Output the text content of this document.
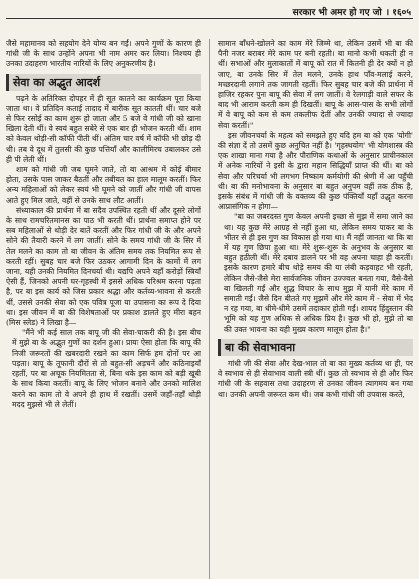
सरकार भी अमर हो गए जो । १६०५

जैसे महामानव को सहयोग देने योग्य बन गईं। अपने गुणों के कारण ही गांधी जी के साथ उन्होंने अपना भी नाम अमर कर लिया। निश्चय ही उनका उदाहरण भारतीय नारियों के लिए अनुकरणीय है।

सेवा का अद्भुत आदर्श

पढ़ने के अतिरिक्त दोपहर में ही सूत कातने का कार्यक्रम पूरा किया जाता था। वे प्रतिदिन कताई तादाद में बारीक सूत कातती थीं। चार बजे से फिर रसोई का काम शुरू हो जाता और 5 बजे वे गांधी जी को खाना खिला देती थीं। वे स्वयं बहुत सबेरे से एक बार ही भोजन करती थीं। शाम को केवल थोड़ी-सी कॉफी पीती थीं। अंतिम चार वर्ष में कॉफी भी छोड़ दी थी। तब वे दूध में तुलसी की कुछ पत्तियाँ और कालीमिरच उबालकर उसे ही पी लेती थीं।

शाम को गांधी जी जब घूमने जाते, तो बा आश्रम में कोई बीमार होता, उसके पास जाकर बैठतीं और तबीयत का हाल मालूम करतीं। फिर अन्य महिलाओं को लेकर स्वयं भी घूमने को जातीं और गांधी जी वापस आते हुए मिल जाते, वहीं से उनके साथ लौट आतीं।

संध्याकाल की प्रार्थना में बा सदैव उपस्थित रहती थीं और दूसरे लोगों के साथ रामचरितमानस का पाठ भी करती थीं। प्रार्थना समाप्त होने पर सब महिलाओं से थोड़ी देर बातें करतीं और फिर गांधी जी के और अपने सोने की तैयारी करने में लग जातीं। सोने के समय गांधी जी के सिर में तेल मलने का काम तो बा जीवन के अंतिम समय तक नियमित रूप से करती रहीं। सुबह चार बजे फिर उठकर आगामी दिन के कामों में लग जाना, यही उनकी नियमित दिनचर्या थी। यद्यपि अपने यहाँ करोड़ों स्त्रियाँ ऐसी हैं, जिनको अपनी घर-गृहस्थी में इससे अधिक परिश्रम करना पड़ता है, पर बा इस कार्य को जिस प्रकार श्रद्धा और कर्तव्य-भावना से करती थीं, उससे उनकी सेवा को एक पवित्र पूजा या उपासना का रूप दे दिया था। इस जीवन में बा की विशेषताओं पर प्रकाश डालते हुए मीरा बहन (मिस स्लेड) ने लिखा है—

"मैंने भी कई साल तक बापू जी की सेवा-चाकरी की है। इस बीच में मुझे बा के अद्भुत गुणों का दर्शन हुआ। प्रायः ऐसा होता कि बापू की निजी जरूरतों की खबरदारी रखने का काम सिर्फ हम दोनों पर आ पड़ता। बापू के तूफानी दौरों से तो बहुत-सी अड़चनें और कठिनाइयाँ रहतीं, पर बा अचूक नियमितता से, बिना थके इस काम को बड़ी खूबी के साथ किया करतीं। बापू के लिए भोजन बनाने और उनको मालिश करने का काम तो वे अपने ही हाथ में रखतीं। उसमें जहाँ-तहाँ थोड़ी मदद मुझसे भी ले लेतीं।

सामान बाँधने-खोलने का काम मेरे जिम्मे था, लेकिन उसमें भी बा की पैनी नजर बराबर मेरे काम पर बनी रहती। बा मानो कभी थकती ही न थीं। सभाओं और मुलाकातों में बापू को रात में कितनी ही देर क्यों न हो जाए, बा उनके सिर में तेल मलने, उनके हाथ पाँव-मलाई करने, मच्छरदानी लगाने तक जागती रहतीं। फिर सुबह चार बजे की प्रार्थना में हाजिर रहकर पुनः बापू की सेवा में लग जातीं। वे रेलगाड़ी वाले सफर के बाद भी आराम करती कम ही दिखतीं। बापू के आस-पास के सभी लोगों में वे बापू को कम से कम तकलीफ देतीं और उनकी ज्यादा से ज्यादा सेवा करतीं।"

इस जीवनचर्या के महत्व को समझते हुए यदि हम बा को एक 'योगी' की संज्ञा दें तो उसमें कुछ अनुचित नहीं है। 'गृहस्थयोग' भी योगशास्त्र की एक शाखा माना गया है और पौराणिक कथाओं के अनुसार प्राचीनकाल में अनेक नारियों ने इसी के द्वारा महान सिद्धियाँ प्राप्त की थीं। बा को सेवा और परिचर्या भी लगभग निष्काम कर्मयोगी की श्रेणी में आ पहुँची थी। बा की मनोभावना के अनुसार बा बहुत अनुपम वहीं तक ठीक है, इसके संबंध में गांधी जी के वक्तव्य की कुछ पंक्तियाँ यहाँ उद्धृत करना आप्रासंगिक न होगा—

"बा का जबरदस्त गुण केवल अपनी इच्छा से मुझ में समा जाने का था। यह कुछ मेरे आग्रह से नहीं हुआ था, लेकिन समय पाकर बा के भीतर से ही इस गुण का विकास हो गया था। मैं नहीं जानता था कि बा में यह गुण छिपा हुआ था। मेरे शुरू-शुरू के अनुभव के अनुसार बा बहुत हठीली थीं। मेरे दबाव डालने पर भी वह अपना चाहा ही करतीं। इसके कारण हमारे बीच थोड़े समय की या लंबी कड़वाहट भी रहती, लेकिन जैसे-जैसे मेरा सार्वजनिक जीवन उज्ज्वल बनता गया, वैसे-वैसे बा खिलती गईं और शुद्ध विचार के साथ मुझ में यानी मेरे काम में समाती गईं। जैसे दिन बीतते गए मुझमें और मेरे काम में - सेवा में भेद न रह गया, बा धीमे-धीमे उसमें तदाकार होती गईं। शायद हिंदुस्तान की भूमि को यह गुण अधिक से अधिक प्रिय है। कुछ भी हो, मुझे तो बा की उक्त भावना का यही मुख्य कारण मालूम होता है।"

बा की सेवाभावना

गांधी जी की सेवा और देख-भाल तो बा का मुख्य कर्तव्य था ही, पर वे स्वभाव से ही सेवाभाव वाली स्त्री थीं। कुछ तो स्वभाव से ही और फिर गांधी जी के सहवास तथा उदाहरण से उनका जीवन त्यागमय बन गया था। उनकी अपनी जरूरत कम थी। जब कभी गांधी जी उपवास करते,
